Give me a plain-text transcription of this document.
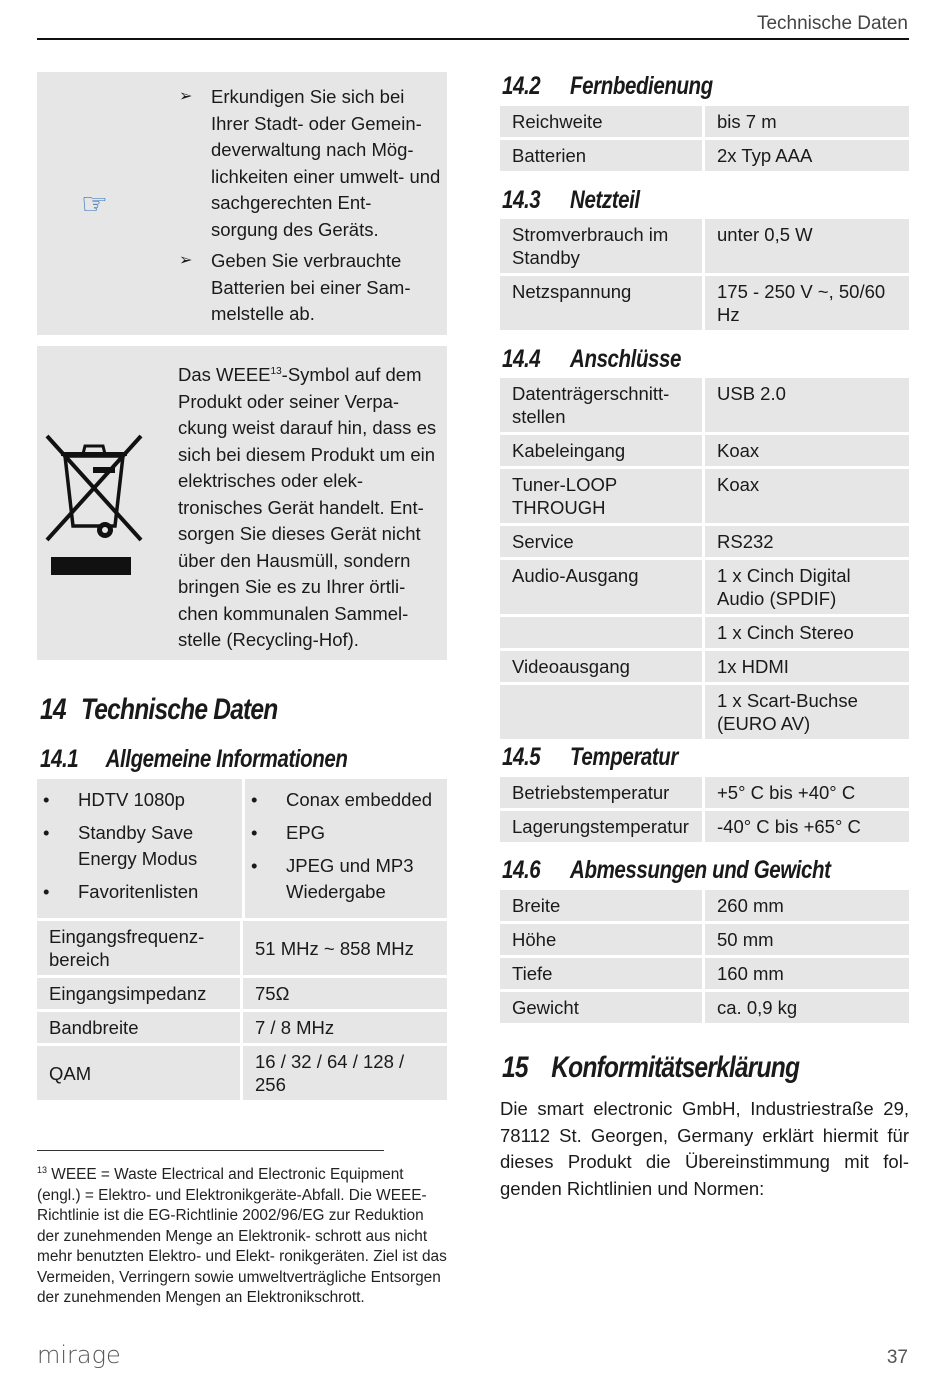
Technische Daten
☞
➢ Erkundigen Sie sich bei Ihrer Stadt- oder Gemein- deverwaltung nach Mög- lichkeiten einer umwelt- und sachgerechten Ent- sorgung des Geräts.
➢ Geben Sie verbrauchte Batterien bei einer Sam- melstelle ab.
Das WEEE$^{13}$-Symbol auf dem Produkt oder seiner Verpa- ckung weist darauf hin, dass es sich bei diesem Produkt um ein elektrisches oder elek- tronisches Gerät handelt. Ent- sorgen Sie dieses Gerät nicht über den Hausmüll, sondern bringen Sie es zu Ihrer örtli- chen kommunalen Sammel- stelle (Recycling-Hof).
14 Technische Daten
14.1 Allgemeine Informationen
• HDTV 1080p
• Standby Save Energy Modus
• Favoritenlisten
• Conax embedded
• EPG
• JPEG und MP3 Wiedergabe
Eingangsfrequenz- bereich	51 MHz ~ 858 MHz
Eingangsimpedanz	75Ω
Bandbreite	7 / 8 MHz
QAM	16 / 32 / 64 / 128 / 256
$^{13}$ WEEE = Waste Electrical and Electronic Equipment (engl.) = Elektro- und Elektronikgeräte-Abfall. Die WEEE-Richtlinie ist die EG-Richtlinie 2002/96/EG zur Reduktion der zunehmenden Menge an Elektronik- schrott aus nicht mehr benutzten Elektro- und Elekt- ronikgeräten. Ziel ist das Vermeiden, Verringern sowie umweltverträgliche Entsorgen der zunehmenden Mengen an Elektronikschrott.
14.2 Fernbedienung
Reichweite	bis 7 m
Batterien	2x Typ AAA
14.3 Netzteil
Stromverbrauch im Standby	unter 0,5 W
Netzspannung	175 - 250 V ~, 50/60 Hz
14.4 Anschlüsse
Datenträgerschnitt- stellen	USB 2.0
Kabeleingang	Koax
Tuner-LOOP THROUGH	Koax
Service	RS232
Audio-Ausgang	1 x Cinch Digital Audio (SPDIF)
	1 x Cinch Stereo
Videoausgang	1x HDMI
	1 x Scart-Buchse (EURO AV)
14.5 Temperatur
Betriebstemperatur	+5° C bis +40° C
Lagerungstemperatur	-40° C bis +65° C
14.6 Abmessungen und Gewicht
Breite	260 mm
Höhe	50 mm
Tiefe	160 mm
Gewicht	ca. 0,9 kg
15 Konformitätserklärung
Die smart electronic GmbH, Industriestraße 29, 78112 St. Georgen, Germany erklärt hiermit für dieses Produkt die Übereinstimmung mit fol- genden Richtlinien und Normen:
mirage	37
